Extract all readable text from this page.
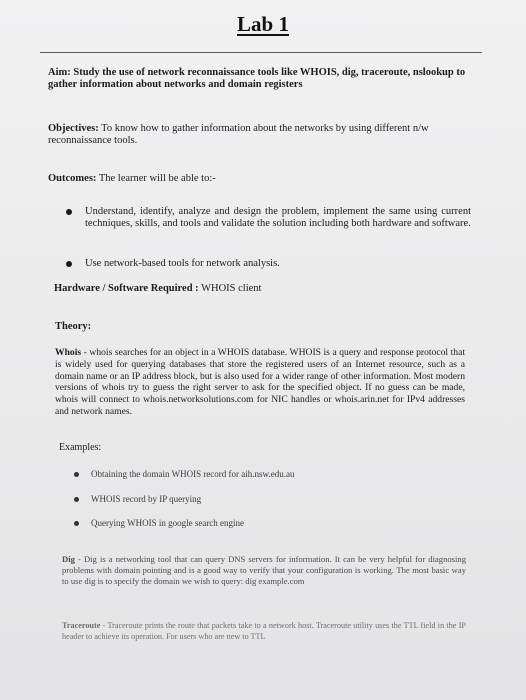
Lab 1
Aim: Study the use of network reconnaissance tools like WHOIS, dig, traceroute, nslookup to gather information about networks and domain registers
Objectives: To know how to gather information about the networks by using different n/w reconnaissance tools.
Outcomes: The learner will be able to:-
Understand, identify, analyze and design the problem, implement the same using current techniques, skills, and tools and validate the solution including both hardware and software.
Use network-based tools for network analysis.
Hardware / Software Required : WHOIS client
Theory:
Whois - whois searches for an object in a WHOIS database. WHOIS is a query and response protocol that is widely used for querying databases that store the registered users of an Internet resource, such as a domain name or an IP address block, but is also used for a wider range of other information. Most modern versions of whois try to guess the right server to ask for the specified object. If no guess can be made, whois will connect to whois.networksolutions.com for NIC handles or whois.arin.net for IPv4 addresses and network names.
Examples:
Obtaining the domain WHOIS record for aih.nsw.edu.au
WHOIS record by IP querying
Querying WHOIS in google search engine
Dig - Dig is a networking tool that can query DNS servers for information. It can be very helpful for diagnosing problems with domain pointing and is a good way to verify that your configuration is working. The most basic way to use dig is to specify the domain we wish to query: dig example.com
Traceroute - Traceroute prints the route that packets take to a network host. Traceroute utility uses the TTL field in the IP header to achieve its operation. For users who are new to TTL
